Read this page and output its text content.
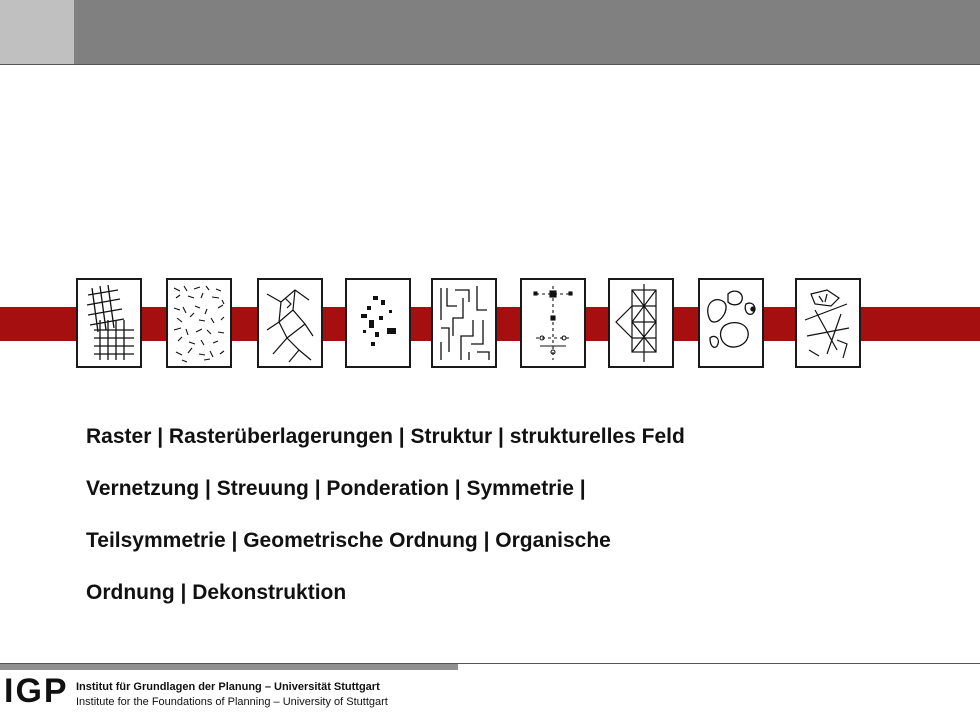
Raster | Rasterüberlagerungen | Struktur | strukturelles Feld
Vernetzung | Streuung | Ponderation | Symmetrie |
Teilsymmetrie | Geometrische Ordnung | Organische
Ordnung | Dekonstruktion
IGP Institut für Grundlagen der Planung – Universität Stuttgart
Institute for the Foundations of Planning – University of Stuttgart
